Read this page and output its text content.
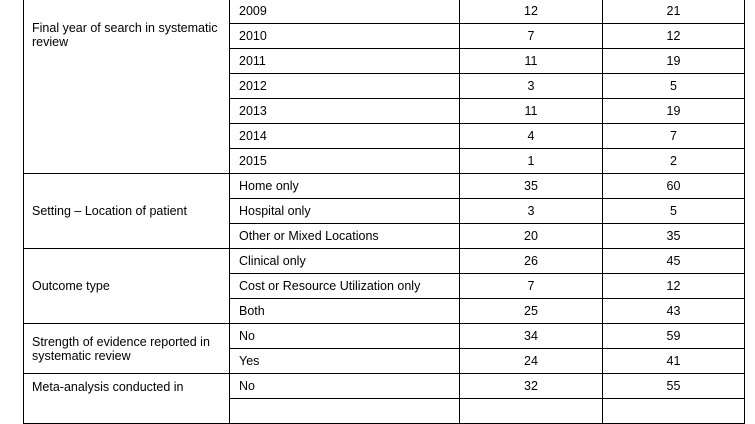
Final year of search in systematic review	2009	12	21
	2010	7	12
	2011	11	19
	2012	3	5
	2013	11	19
	2014	4	7
	2015	1	2
Setting – Location of patient	Home only	35	60
	Hospital only	3	5
	Other or Mixed Locations	20	35
Outcome type	Clinical only	26	45
	Cost or Resource Utilization only	7	12
	Both	25	43
Strength of evidence reported in systematic review	No	34	59
	Yes	24	41
Meta-analysis conducted in	No	32	55
